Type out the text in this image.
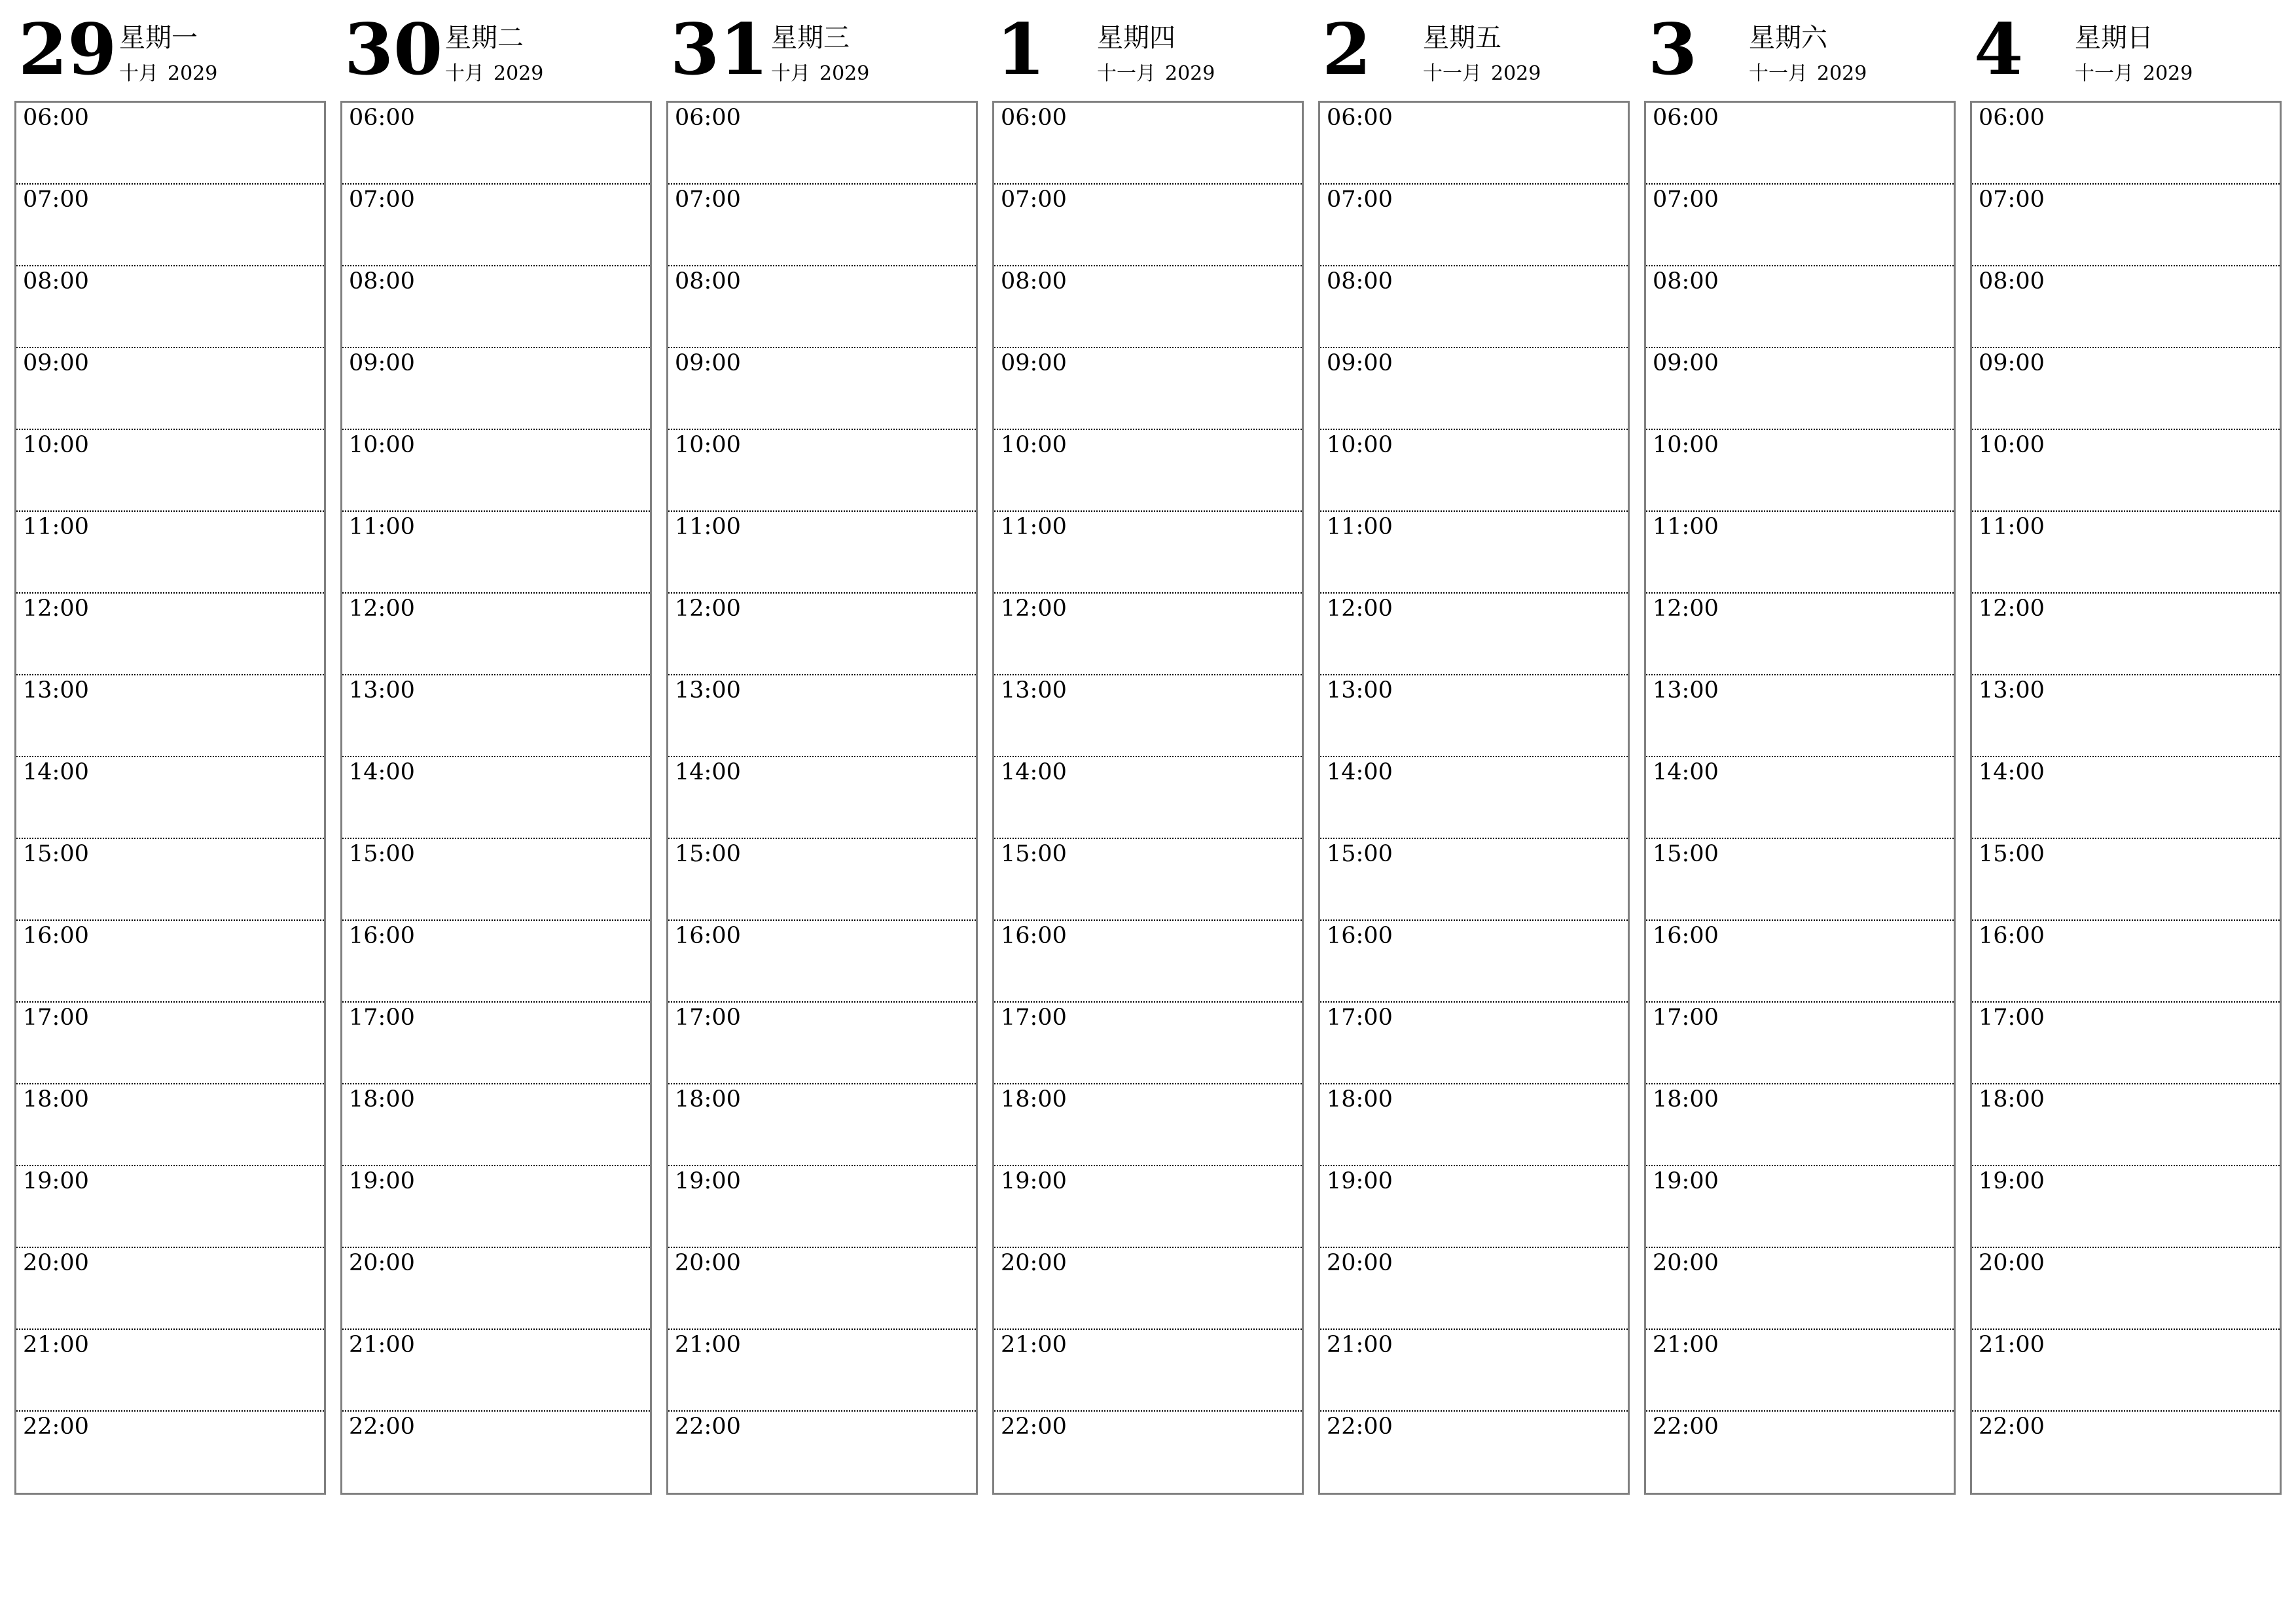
29 星期一
十月 2029
06:00
07:00
08:00
09:00
10:00
11:00
12:00
13:00
14:00
15:00
16:00
17:00
18:00
19:00
20:00
21:00
22:00
30 星期二
十月 2029
06:00
07:00
08:00
09:00
10:00
11:00
12:00
13:00
14:00
15:00
16:00
17:00
18:00
19:00
20:00
21:00
22:00
31 星期三
十月 2029
06:00
07:00
08:00
09:00
10:00
11:00
12:00
13:00
14:00
15:00
16:00
17:00
18:00
19:00
20:00
21:00
22:00
1 星期四
十一月 2029
06:00
07:00
08:00
09:00
10:00
11:00
12:00
13:00
14:00
15:00
16:00
17:00
18:00
19:00
20:00
21:00
22:00
2 星期五
十一月 2029
06:00
07:00
08:00
09:00
10:00
11:00
12:00
13:00
14:00
15:00
16:00
17:00
18:00
19:00
20:00
21:00
22:00
3 星期六
十一月 2029
06:00
07:00
08:00
09:00
10:00
11:00
12:00
13:00
14:00
15:00
16:00
17:00
18:00
19:00
20:00
21:00
22:00
4 星期日
十一月 2029
06:00
07:00
08:00
09:00
10:00
11:00
12:00
13:00
14:00
15:00
16:00
17:00
18:00
19:00
20:00
21:00
22:00
